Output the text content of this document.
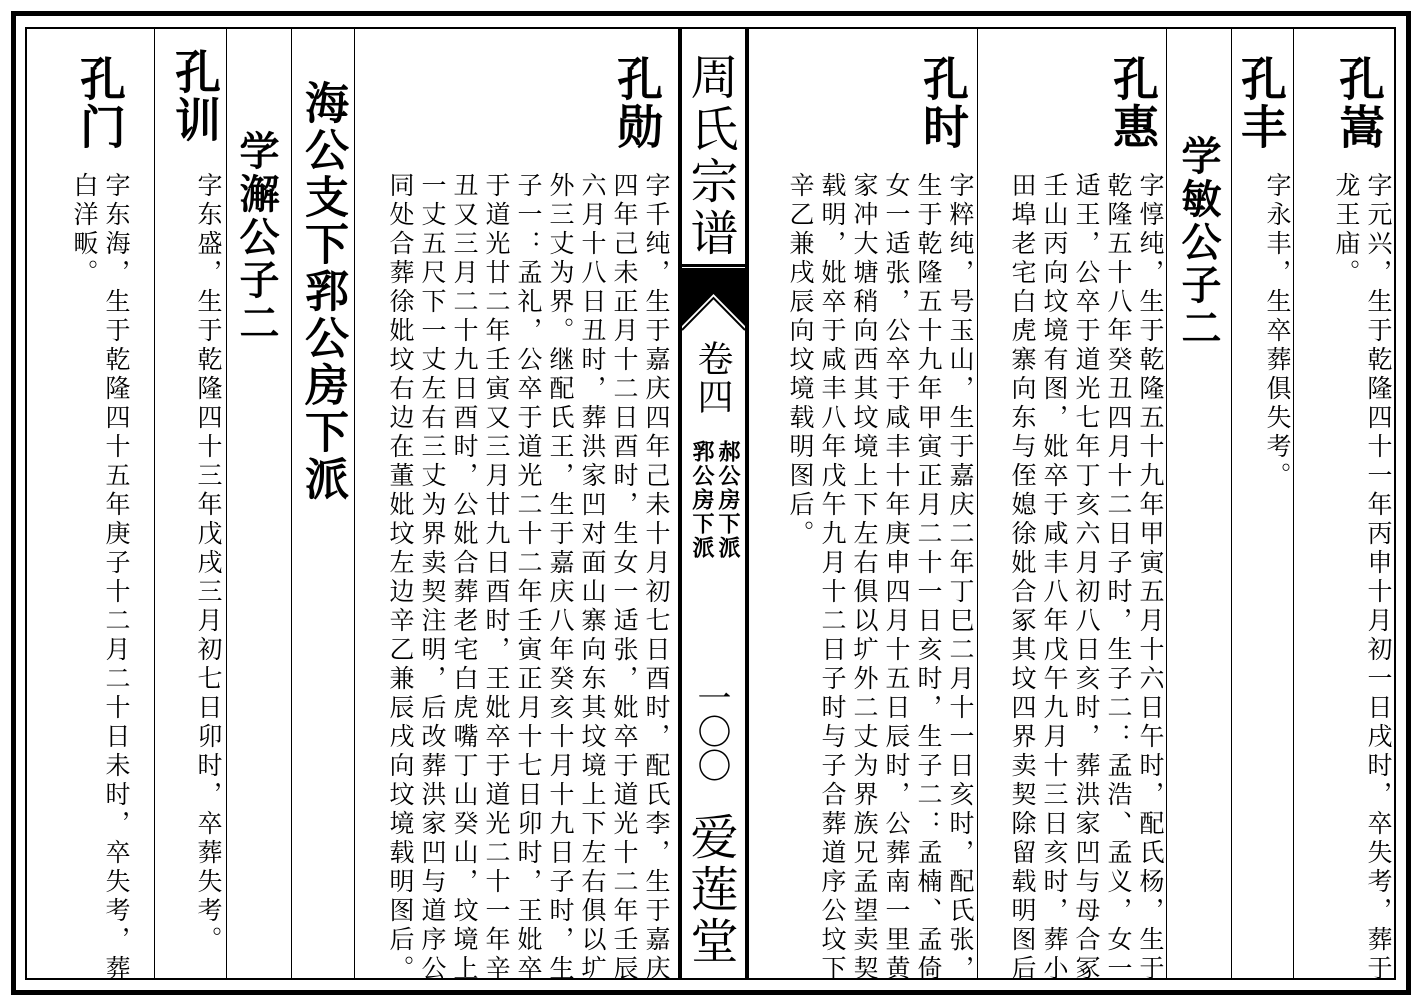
孔嵩
字元兴，生于乾隆四十一年丙申十月初一日戌时，卒失考，葬于
龙王庙。
孔丰
字永丰，生卒葬俱失考。
学敏公子二
孔惠
字惇纯，生于乾隆五十九年甲寅五月十六日午时，配氏杨，生于
乾隆五十八年癸丑四月十二日子时，生子二：孟浩、孟义，女一
适王，公卒于道光七年丁亥六月初八日亥时，葬洪家凹与母合冢
壬山丙向坟境有图，妣卒于咸丰八年戊午九月十三日亥时，葬小
田埠老宅白虎寨向东与侄媳徐妣合冢其坟四界卖契除留载明图后
孔时
字粹纯，号玉山，生于嘉庆二年丁巳二月十一日亥时，配氏张，
生于乾隆五十九年甲寅正月二十一日亥时，生子二：孟楠、孟倚
女一适张，公卒于咸丰十年庚申四月十五日辰时，公葬南一里黄
家冲大塘稍向西其坟境上下左右俱以圹外二丈为界族兄孟望卖契
载明，妣卒于咸丰八年戊午九月十二日子时与子合葬道序公坟下
辛乙兼戌辰向坟境载明图后。
周氏宗谱
卷四
郝公房下派
郛公房下派
一〇〇
爱莲堂
孔勋
字千纯，生于嘉庆四年己未十月初七日酉时，配氏李，生于嘉庆
四年己未正月十二日酉时，生女一适张，妣卒于道光十二年壬辰
六月十八日丑时，葬洪家凹对面山寨向东其坟境上下左右俱以圹
外三丈为界。继配氏王，生于嘉庆八年癸亥十月十九日子时，生
子一：孟礼，公卒于道光二十二年壬寅正月十七日卯时，王妣卒
于道光廿二年壬寅又三月廿九日酉时，王妣卒于道光二十一年辛
丑又三月二十九日酉时，公妣合葬老宅白虎嘴丁山癸山，坟境上
一丈五尺下一丈左右三丈为界卖契注明，后改葬洪家凹与道序公
同处合葬徐妣坟右边在董妣坟左边辛乙兼辰戌向坟境载明图后。
海公支下郛公房下派
学澥公子二
孔训
字东盛，生于乾隆四十三年戊戌三月初七日卯时，卒葬失考。
孔门
字东海，生于乾隆四十五年庚子十二月二十日未时，卒失考，葬
白洋畈。
